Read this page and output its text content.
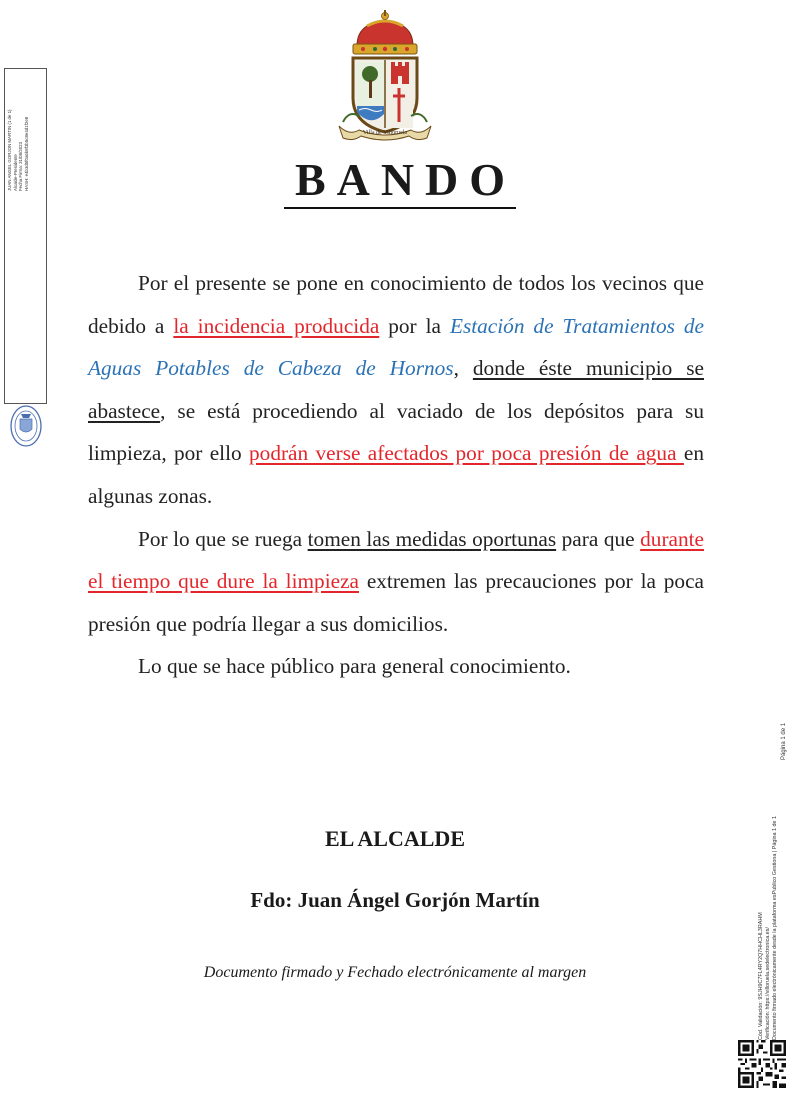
JUAN ANGEL GORJON MARTIN (1 de 1) Alcalde-Presidente Fecha Firma: 31/08/2023 HASH: e4b3d5f0a6b8f3b5c8e4d1f2e8	Villa de Villoruela
BANDO

Por el presente se pone en conocimiento de todos los vecinos que debido a la incidencia producida por la Estación de Tratamientos de Aguas Potables de Cabeza de Hornos, donde éste municipio se abastece, se está procediendo al vaciado de los depósitos para su limpieza, por ello podrán verse afectados por poca presión de agua en algunas zonas.

Por lo que se ruega tomen las medidas oportunas para que durante el tiempo que dure la limpieza extremen las precauciones por la poca presión que podría llegar a sus domicilios.

Lo que se hace público para general conocimiento.

EL ALCALDE
Fdo: Juan Ángel Gorjón Martín
Documento firmado y Fechado electrónicamente al margen
Página 1 de 1
Cód. Validación: 9SJH9C7FL4RY2Q7HHCHL3RAHM Verificación: https://villoruela.sedelectronica.es/ Documento firmado electrónicamente desde la plataforma esPublico Gestiona | Página 1 de 1
